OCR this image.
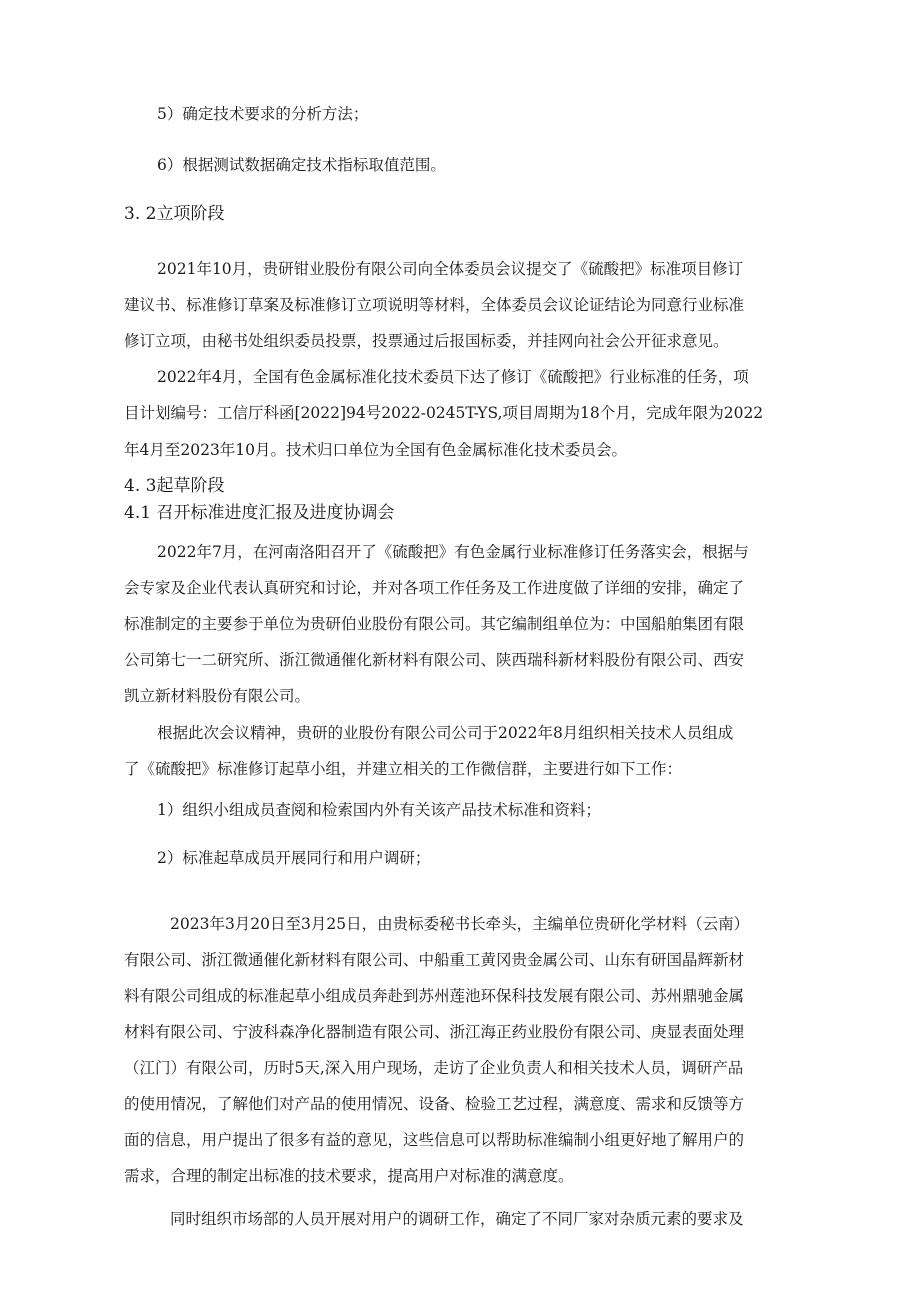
5）确定技术要求的分析方法；
6）根据测试数据确定技术指标取值范围。
3. 2立项阶段
2021年10月，贵研钳业股份有限公司向全体委员会议提交了《硫酸把》标准项目修订
建议书、标准修订草案及标准修订立项说明等材料，全体委员会议论证结论为同意行业标准
修订立项，由秘书处组织委员投票，投票通过后报国标委，并挂网向社会公开征求意见。
2022年4月，全国有色金属标准化技术委员下达了修订《硫酸把》行业标准的任务，项
目计划编号：工信厅科函[2022]94号2022-0245T-YS,项目周期为18个月，完成年限为2022
年4月至2023年10月。技术归口单位为全国有色金属标准化技术委员会。
4. 3起草阶段
4.1 召开标准进度汇报及进度协调会
2022年7月，在河南洛阳召开了《硫酸把》有色金属行业标准修订任务落实会，根据与
会专家及企业代表认真研究和讨论，并对各项工作任务及工作进度做了详细的安排，确定了
标准制定的主要参于单位为贵研伯业股份有限公司。其它编制组单位为：中国船舶集团有限
公司第七一二研究所、浙江微通催化新材料有限公司、陕西瑞科新材料股份有限公司、西安
凯立新材料股份有限公司。
根据此次会议精神，贵研的业股份有限公司公司于2022年8月组织相关技术人员组成
了《硫酸把》标准修订起草小组，并建立相关的工作微信群，主要进行如下工作：
1）组织小组成员查阅和检索国内外有关该产品技术标准和资料；
2）标准起草成员开展同行和用户调研；
2023年3月20日至3月25日，由贵标委秘书长牵头，主编单位贵研化学材料（云南）
有限公司、浙江微通催化新材料有限公司、中船重工黄冈贵金属公司、山东有研国晶辉新材
料有限公司组成的标准起草小组成员奔赴到苏州莲池环保科技发展有限公司、苏州鼎驰金属
材料有限公司、宁波科森净化器制造有限公司、浙江海正药业股份有限公司、庚显表面处理
（江门）有限公司，历时5天,深入用户现场，走访了企业负责人和相关技术人员，调研产品
的使用情况，了解他们对产品的使用情况、设备、检验工艺过程，满意度、需求和反馈等方
面的信息，用户提出了很多有益的意见，这些信息可以帮助标准编制小组更好地了解用户的
需求，合理的制定出标准的技术要求，提高用户对标准的满意度。
同时组织市场部的人员开展对用户的调研工作，确定了不同厂家对杂质元素的要求及
